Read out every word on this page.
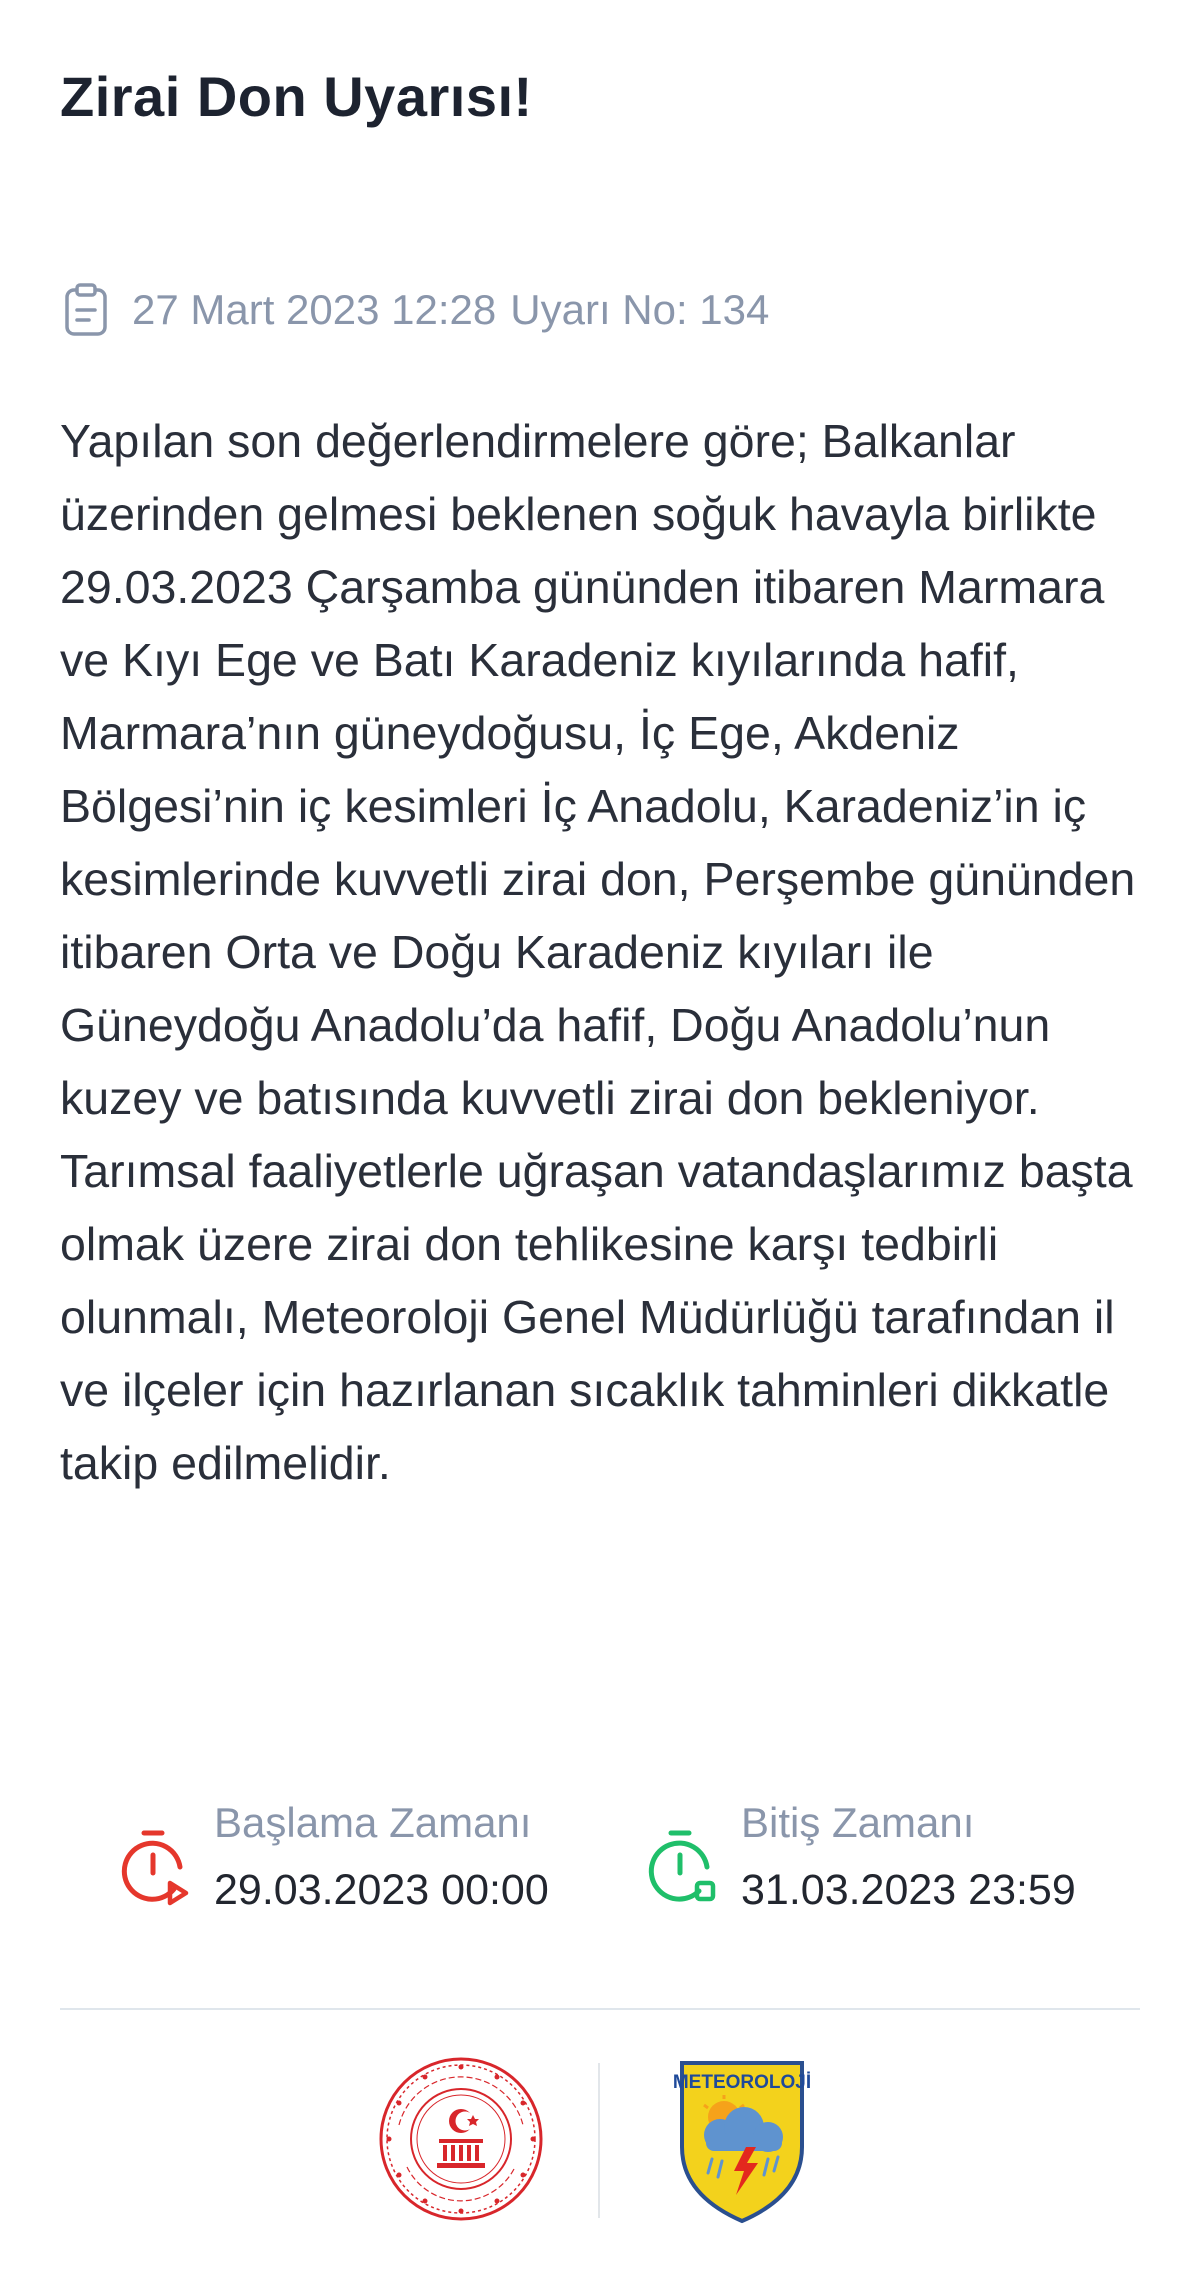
Zirai Don Uyarısı!
27 Mart 2023 12:28 Uyarı No: 134
Yapılan son değerlendirmelere göre; Balkanlar üzerinden gelmesi beklenen soğuk havayla birlikte  29.03.2023 Çarşamba gününden itibaren Marmara ve Kıyı Ege ve Batı Karadeniz kıyılarında hafif, Marmara’nın güneydoğusu, İç Ege, Akdeniz Bölgesi’nin iç kesimleri İç Anadolu, Karadeniz’in iç kesimlerinde kuvvetli zirai don, Perşembe gününden itibaren Orta ve Doğu Karadeniz kıyıları ile Güneydoğu Anadolu’da hafif, Doğu Anadolu’nun kuzey ve batısında kuvvetli zirai don bekleniyor.  Tarımsal faaliyetlerle uğraşan vatandaşlarımız başta olmak üzere zirai don tehlikesine karşı tedbirli olunmalı, Meteoroloji Genel Müdürlüğü tarafından il ve ilçeler için hazırlanan sıcaklık tahminleri dikkatle takip edilmelidir.
Başlama Zamanı
29.03.2023 00:00
Bitiş Zamanı
31.03.2023 23:59
METEOROLOJİ
